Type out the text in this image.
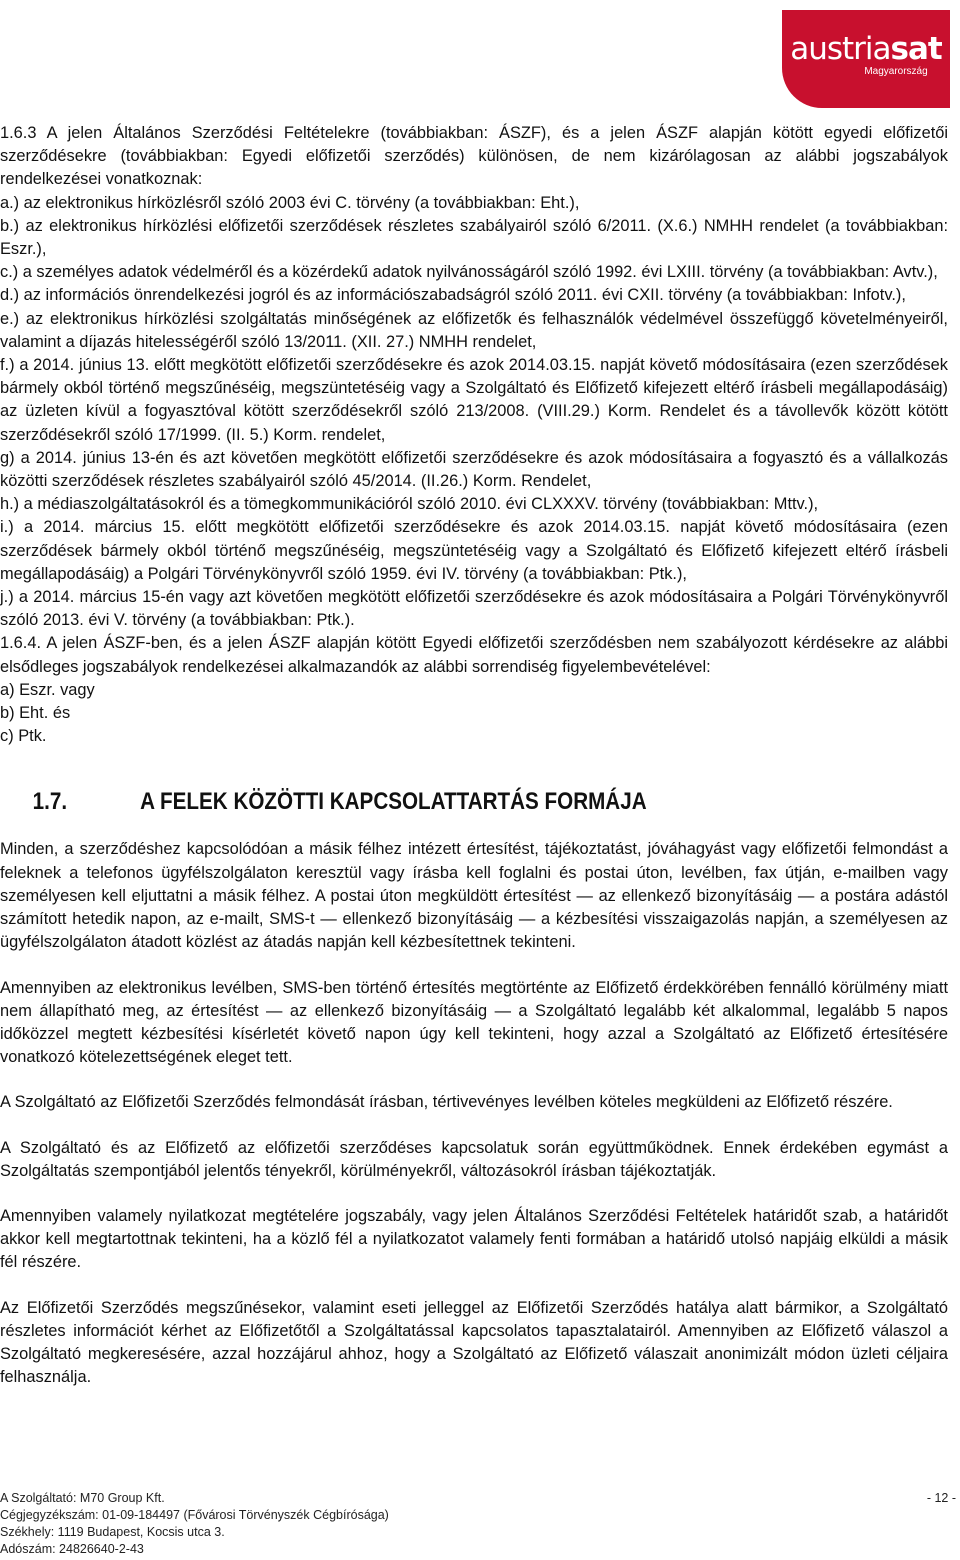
austriasat
Magyarország

1.6.3 A jelen Általános Szerződési Feltételekre (továbbiakban: ÁSZF), és a jelen ÁSZF alapján kötött egyedi előfizetői szerződésekre (továbbiakban: Egyedi előfizetői szerződés) különösen, de nem kizárólagosan az alábbi jogszabályok rendelkezései vonatkoznak:

a.) az elektronikus hírközlésről szóló 2003 évi C. törvény (a továbbiakban: Eht.),

b.) az elektronikus hírközlési előfizetői szerződések részletes szabályairól szóló 6/2011. (X.6.) NMHH rendelet (a továbbiakban: Eszr.),

c.) a személyes adatok védelméről és a közérdekű adatok nyilvánosságáról szóló 1992. évi LXIII. törvény (a továbbiakban: Avtv.),

d.) az információs önrendelkezési jogról és az információszabadságról szóló 2011. évi CXII. törvény (a továbbiakban: Infotv.),

e.) az elektronikus hírközlési szolgáltatás minőségének az előfizetők és felhasználók védelmével összefüggő követelményeiről, valamint a díjazás hitelességéről szóló 13/2011. (XII. 27.) NMHH rendelet,

f.) a 2014. június 13. előtt megkötött előfizetői szerződésekre és azok 2014.03.15. napját követő módosításaira (ezen szerződések bármely okból történő megszűnéséig, megszüntetéséig vagy a Szolgáltató és Előfizető kifejezett eltérő írásbeli megállapodásáig) az üzleten kívül a fogyasztóval kötött szerződésekről szóló 213/2008. (VIII.29.) Korm. Rendelet és a távollevők között kötött szerződésekről szóló 17/1999. (II. 5.) Korm. rendelet,

g) a 2014. június 13-én és azt követően megkötött előfizetői szerződésekre és azok módosításaira a fogyasztó és a vállalkozás közötti szerződések részletes szabályairól szóló 45/2014. (II.26.) Korm. Rendelet,

h.) a médiaszolgáltatásokról és a tömegkommunikációról szóló 2010. évi CLXXXV. törvény (továbbiakban: Mttv.),

i.) a 2014. március 15. előtt megkötött előfizetői szerződésekre és azok 2014.03.15. napját követő módosításaira (ezen szerződések bármely okból történő megszűnéséig, megszüntetéséig vagy a Szolgáltató és Előfizető kifejezett eltérő írásbeli megállapodásáig) a Polgári Törvénykönyvről szóló 1959. évi IV. törvény (a továbbiakban: Ptk.),

j.) a 2014. március 15-én vagy azt követően megkötött előfizetői szerződésekre és azok módosításaira a Polgári Törvénykönyvről szóló 2013. évi V. törvény (a továbbiakban: Ptk.).

1.6.4. A jelen ÁSZF-ben, és a jelen ÁSZF alapján kötött Egyedi előfizetői szerződésben nem szabályozott kérdésekre az alábbi elsődleges jogszabályok rendelkezései alkalmazandók az alábbi sorrendiség figyelembevételével:

a) Eszr. vagy

b) Eht. és

c) Ptk.

1.7.	A FELEK KÖZÖTTI KAPCSOLATTARTÁS FORMÁJA

Minden, a szerződéshez kapcsolódóan a másik félhez intézett értesítést, tájékoztatást, jóváhagyást vagy előfizetői felmondást a feleknek a telefonos ügyfélszolgálaton keresztül vagy írásba kell foglalni és postai úton, levélben, fax útján, e-mailben vagy személyesen kell eljuttatni a másik félhez. A postai úton megküldött értesítést — az ellenkező bizonyításáig — a postára adástól számított hetedik napon, az e-mailt, SMS-t — ellenkező bizonyításáig — a kézbesítési visszaigazolás napján, a személyesen az ügyfélszolgálaton átadott közlést az átadás napján kell kézbesítettnek tekinteni.

Amennyiben az elektronikus levélben, SMS-ben történő értesítés megtörténte az Előfizető érdekkörében fennálló körülmény miatt nem állapítható meg, az értesítést — az ellenkező bizonyításáig — a Szolgáltató legalább két alkalommal, legalább 5 napos időközzel megtett kézbesítési kísérletét követő napon úgy kell tekinteni, hogy azzal a Szolgáltató az Előfizető értesítésére vonatkozó kötelezettségének eleget tett.

A Szolgáltató az Előfizetői Szerződés felmondását írásban, tértivevényes levélben köteles megküldeni az Előfizető részére.

A Szolgáltató és az Előfizető az előfizetői szerződéses kapcsolatuk során együttműködnek. Ennek érdekében egymást a Szolgáltatás szempontjából jelentős tényekről, körülményekről, változásokról írásban tájékoztatják.

Amennyiben valamely nyilatkozat megtételére jogszabály, vagy jelen Általános Szerződési Feltételek határidőt szab, a határidőt akkor kell megtartottnak tekinteni, ha a közlő fél a nyilatkozatot valamely fenti formában a határidő utolsó napjáig elküldi a másik fél részére.

Az Előfizetői Szerződés megszűnésekor, valamint eseti jelleggel az Előfizetői Szerződés hatálya alatt bármikor, a Szolgáltató részletes információt kérhet az Előfizetőtől a Szolgáltatással kapcsolatos tapasztalatairól. Amennyiben az Előfizető válaszol a Szolgáltató megkeresésére, azzal hozzájárul ahhoz, hogy a Szolgáltató az Előfizető válaszait anonimizált módon üzleti céljaira felhasználja.

A Szolgáltató: M70 Group Kft.
Cégjegyzékszám: 01-09-184497 (Fővárosi Törvényszék Cégbírósága)
Székhely: 1119 Budapest, Kocsis utca 3.
Adószám: 24826640-2-43
- 12 -
